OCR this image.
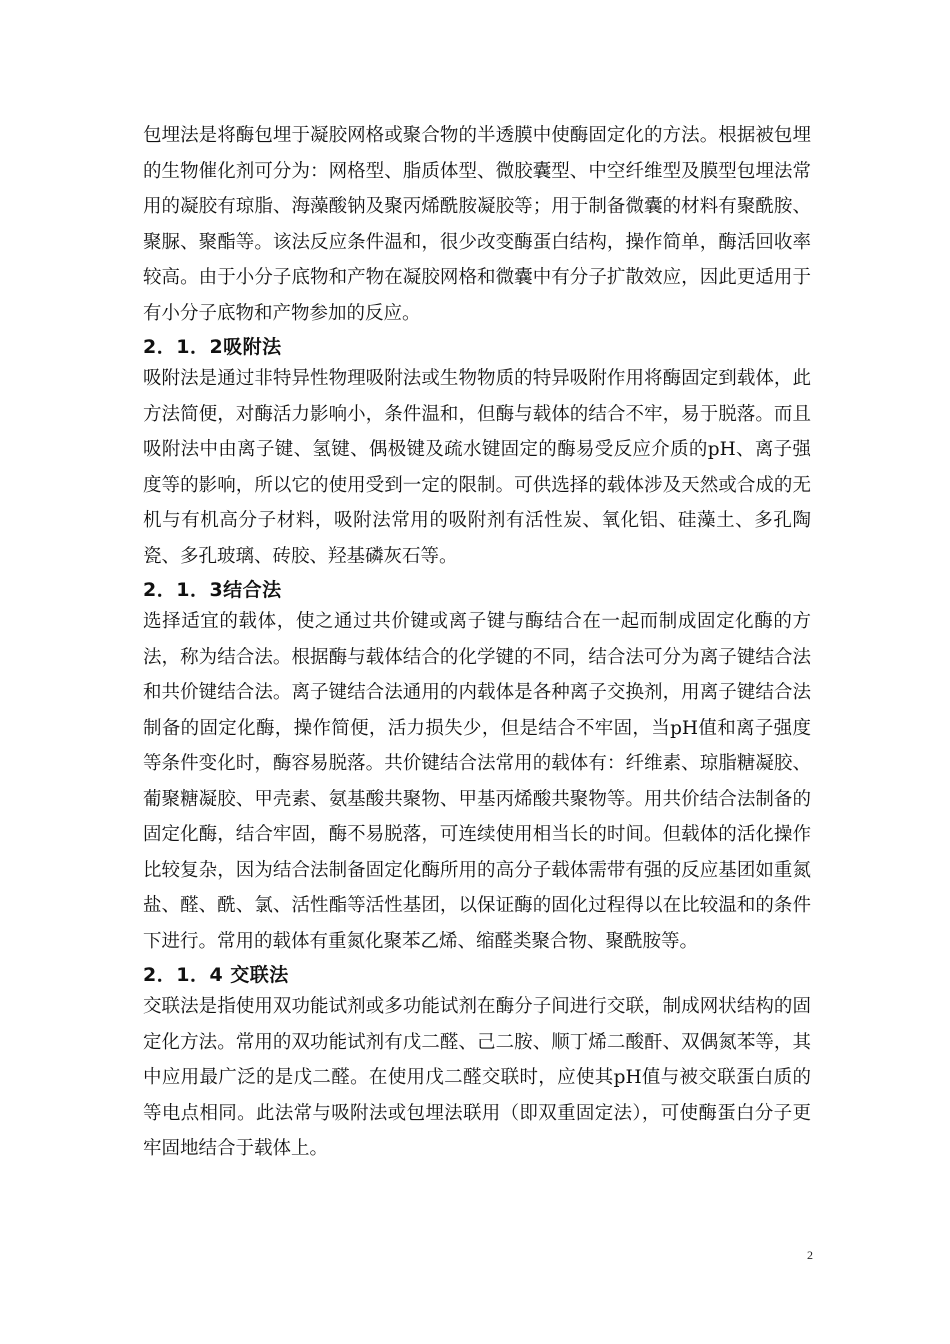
包埋法是将酶包埋于凝胶网格或聚合物的半透膜中使酶固定化的方法。根据被包埋的生物催化剂可分为：网格型、脂质体型、微胶囊型、中空纤维型及膜型包埋法常用的凝胶有琼脂、海藻酸钠及聚丙烯酰胺凝胶等；用于制备微囊的材料有聚酰胺、聚脲、聚酯等。该法反应条件温和，很少改变酶蛋白结构，操作简单，酶活回收率较高。由于小分子底物和产物在凝胶网格和微囊中有分子扩散效应，因此更适用于有小分子底物和产物参加的反应。

2．1．2吸附法

吸附法是通过非特异性物理吸附法或生物物质的特异吸附作用将酶固定到载体，此方法简便，对酶活力影响小，条件温和，但酶与载体的结合不牢，易于脱落。而且吸附法中由离子键、氢键、偶极键及疏水键固定的酶易受反应介质的pH、离子强度等的影响，所以它的使用受到一定的限制。可供选择的载体涉及天然或合成的无机与有机高分子材料，吸附法常用的吸附剂有活性炭、氧化铝、硅藻土、多孔陶瓷、多孔玻璃、砖胶、羟基磷灰石等。

2．1．3结合法

选择适宜的载体，使之通过共价键或离子键与酶结合在一起而制成固定化酶的方法，称为结合法。根据酶与载体结合的化学键的不同，结合法可分为离子键结合法和共价键结合法。离子键结合法通用的内载体是各种离子交换剂，用离子键结合法制备的固定化酶，操作简便，活力损失少，但是结合不牢固，当pH值和离子强度等条件变化时，酶容易脱落。共价键结合法常用的载体有：纤维素、琼脂糖凝胶、葡聚糖凝胶、甲壳素、氨基酸共聚物、甲基丙烯酸共聚物等。用共价结合法制备的固定化酶，结合牢固，酶不易脱落，可连续使用相当长的时间。但载体的活化操作比较复杂，因为结合法制备固定化酶所用的高分子载体需带有强的反应基团如重氮盐、醛、酰、氯、活性酯等活性基团，以保证酶的固化过程得以在比较温和的条件下进行。常用的载体有重氮化聚苯乙烯、缩醛类聚合物、聚酰胺等。

2．1．4 交联法

交联法是指使用双功能试剂或多功能试剂在酶分子间进行交联，制成网状结构的固定化方法。常用的双功能试剂有戊二醛、己二胺、顺丁烯二酸酐、双偶氮苯等，其中应用最广泛的是戊二醛。在使用戊二醛交联时，应使其pH值与被交联蛋白质的等电点相同。此法常与吸附法或包埋法联用（即双重固定法），可使酶蛋白分子更牢固地结合于载体上。

2
